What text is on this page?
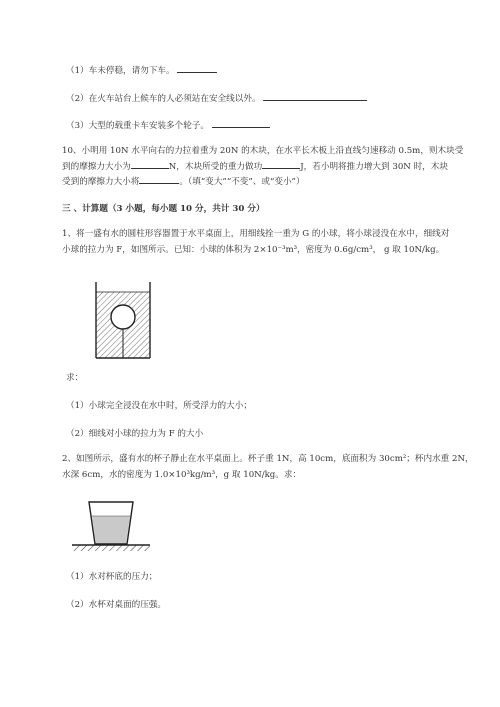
（1）车未停稳，请勿下车。
（2）在火车站台上候车的人必须站在安全线以外。
（3）大型的载重卡车安装多个轮子。
10、小明用 10N 水平向右的力拉着重为 20N 的木块，在水平长木板上沿直线匀速移动 0.5m，则木块受
到的摩擦力大小为	N，木块所受的重力做功	J，若小明将推力增大到 30N 时，木块
受到的摩擦力大小将	。（填“变大”“不变”、或“变小”）
三 、计算题（3 小题，每小题 10 分，共计 30 分）
1、将一盛有水的圆柱形容器置于水平桌面上，用细线拴一重为 G 的小球，将小球浸没在水中，细线对
小球的拉力为 F，如图所示。已知：小球的体积为 2×10⁻³m³，密度为 0.6g/cm³， g 取 10N/kg。
求：
（1）小球完全浸没在水中时，所受浮力的大小；
（2）细线对小球的拉力为 F 的大小
2、如图所示，盛有水的杯子静止在水平桌面上。杯子重 1N，高 10cm，底面积为 30cm²；杯内水重 2N，
水深 6cm，水的密度为 1.0×10³kg/m³，g 取 10N/kg。求：
（1）水对杯底的压力；
（2）水杯对桌面的压强。
